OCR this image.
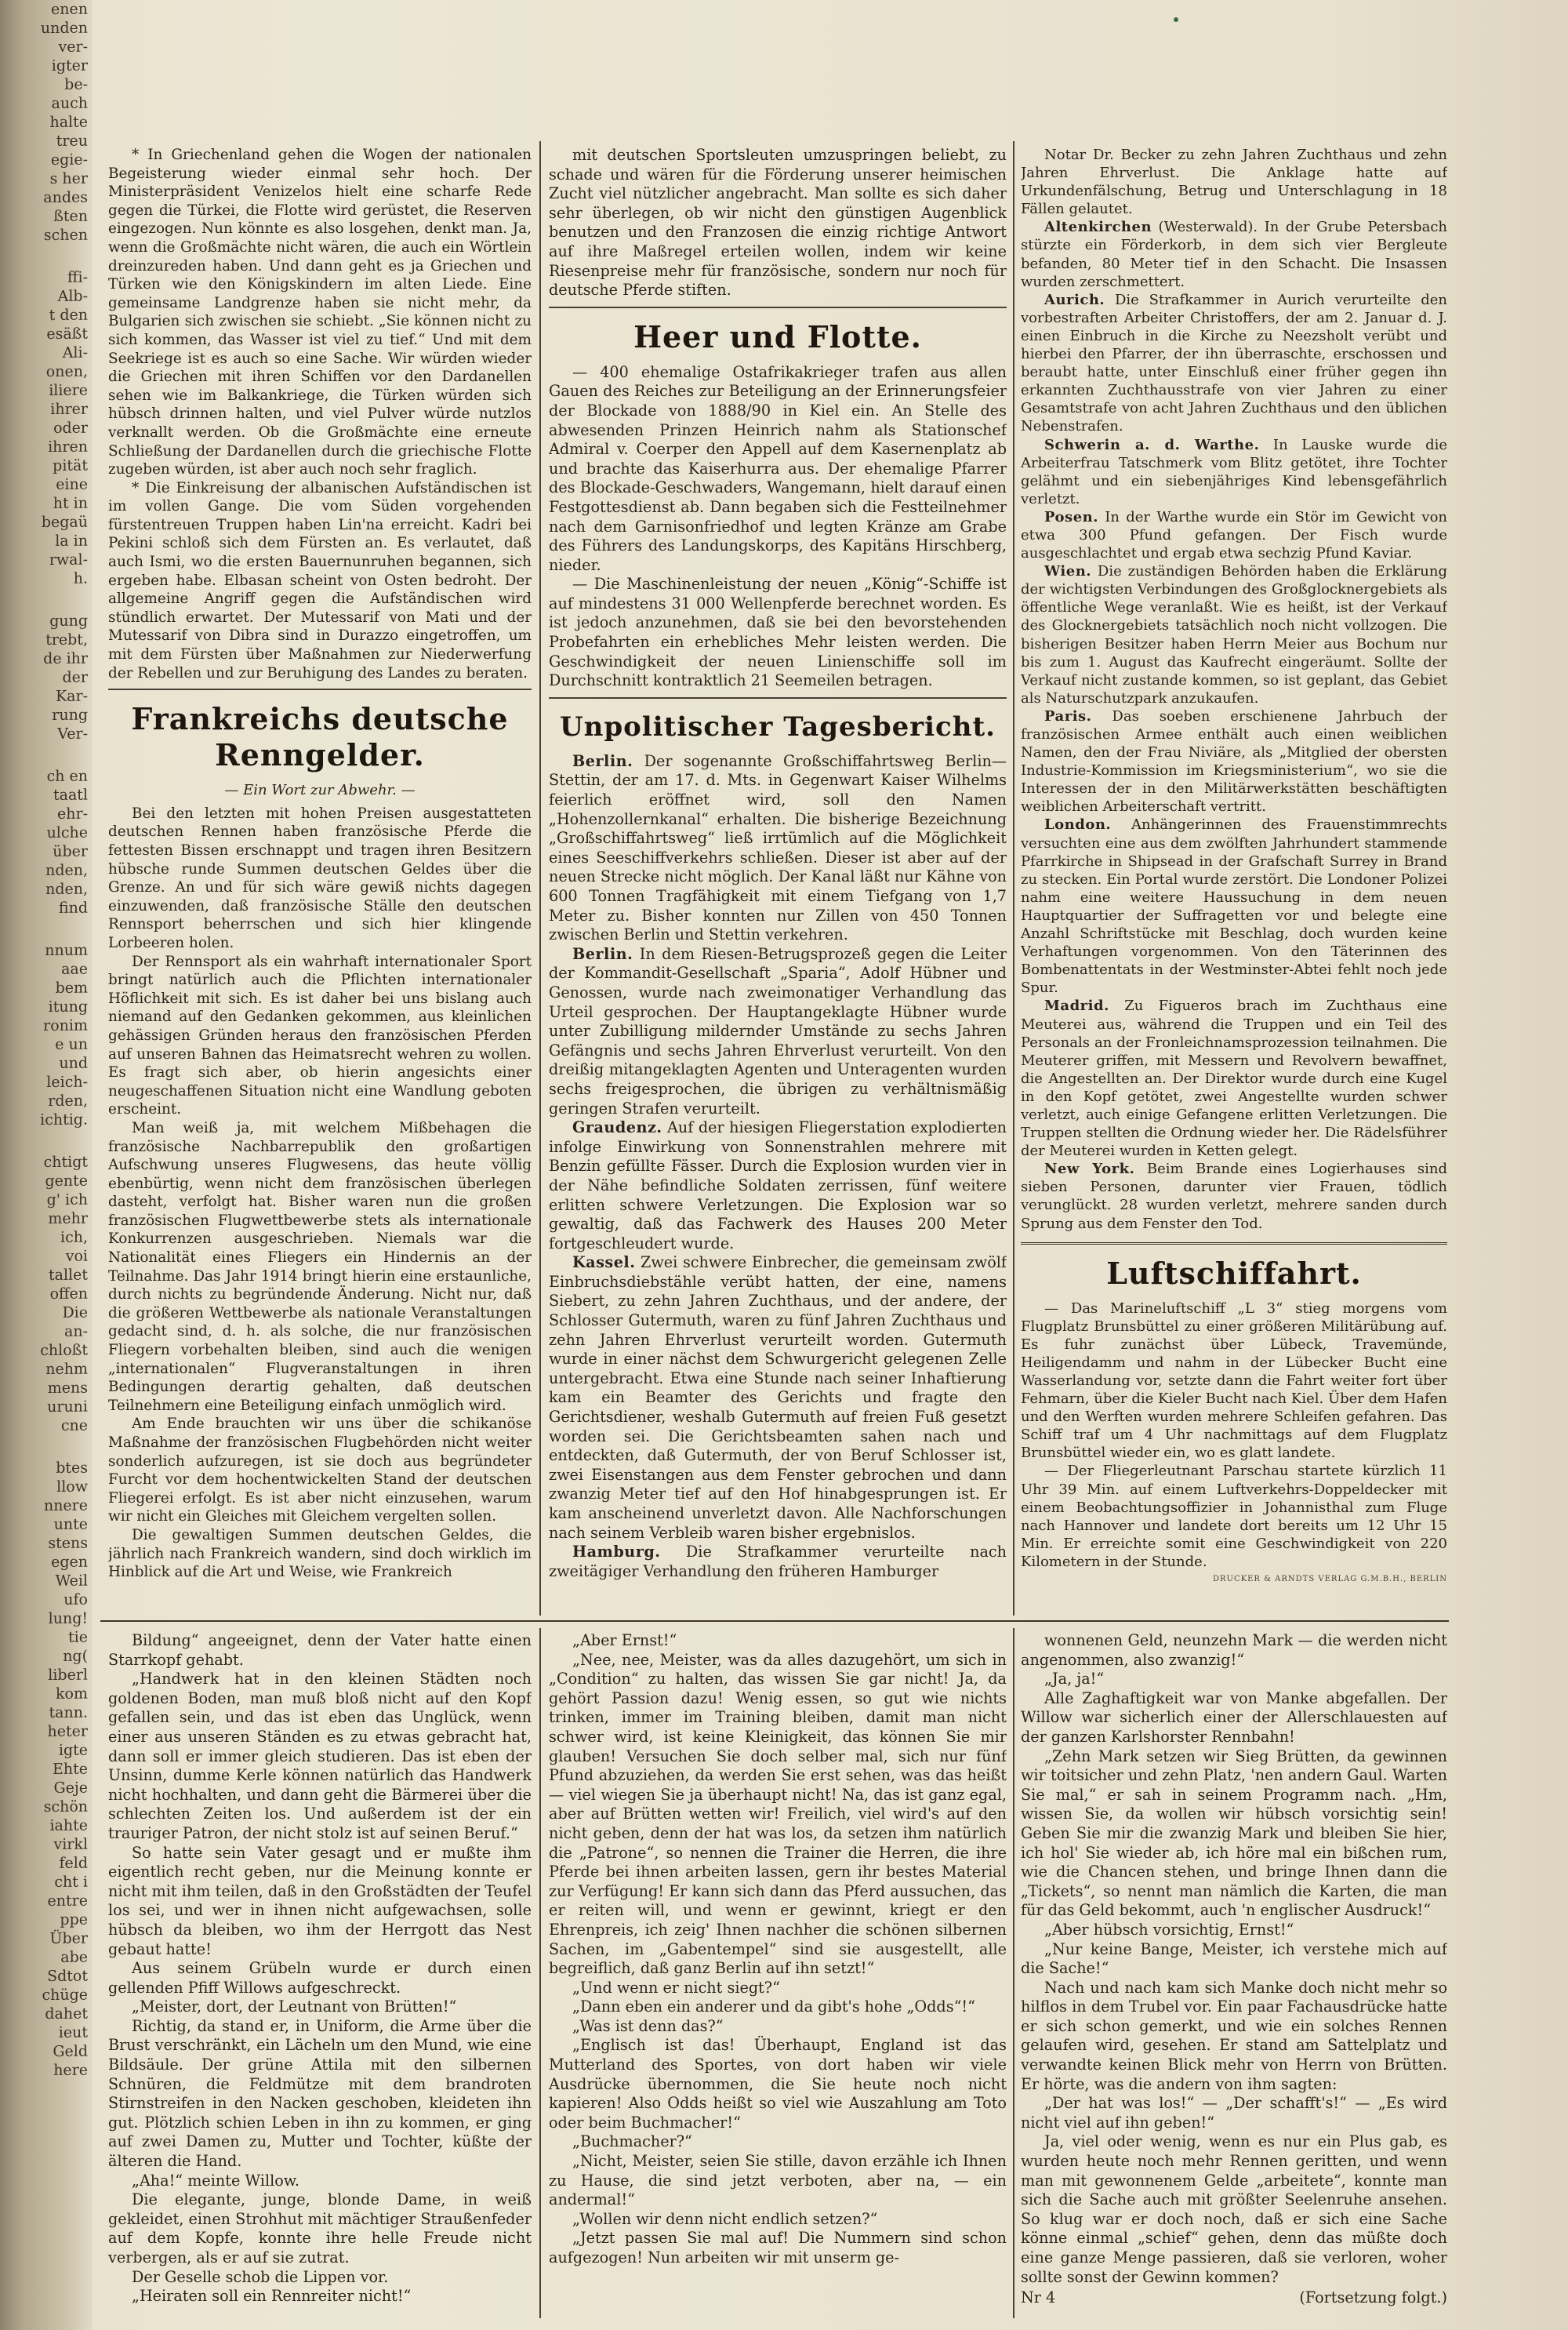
enen

unden

ver-

igter

be-

auch

halte

treu

egie-

s her

andes

ßten

schen

ffi-

Alb-

t den

esäßt

Ali-

onen,

iliere

ihrer

oder

ihren

pität

eine

ht in

begaü

la in

rwal-

h.

gung

trebt,

de ihr

der

Kar-

rung

Ver-

ch en

taatl

ehr-

ulche

über

nden,

nden,

find

nnum

aae

bem

itung

ronim

e un

und

leich-

rden,

ichtig.

chtigt

gente

g' ich

mehr

ich,

voi

tallet

offen

Die

an-

chloßt

nehm

mens

uruni

cne

btes

llow

nnere

unte

stens

egen

Weil

ufo

lung!

tie

ng(

liberl

kom

tann.

heter

igte

Ehte

Geje

schön

iahte

virkl

feld

cht i

entre

ppe

Über

abe

Sdtot

chüge

dahet

ieut

Geld

here

* In Griechenland gehen die Wogen der nationalen Begeisterung wieder einmal sehr hoch. Der Ministerpräsident Venizelos hielt eine scharfe Rede gegen die Türkei, die Flotte wird gerüstet, die Reserven eingezogen. Nun könnte es also losgehen, denkt man. Ja, wenn die Großmächte nicht wären, die auch ein Wörtlein dreinzureden haben. Und dann geht es ja Griechen und Türken wie den Königskindern im alten Liede. Eine gemeinsame Landgrenze haben sie nicht mehr, da Bulgarien sich zwischen sie schiebt. „Sie können nicht zu sich kommen, das Wasser ist viel zu tief.“ Und mit dem Seekriege ist es auch so eine Sache. Wir würden wieder die Griechen mit ihren Schiffen vor den Dardanellen sehen wie im Balkankriege, die Türken würden sich hübsch drinnen halten, und viel Pulver würde nutzlos verknallt werden. Ob die Großmächte eine erneute Schließung der Dardanellen durch die griechische Flotte zugeben würden, ist aber auch noch sehr fraglich.

* Die Einkreisung der albanischen Aufständischen ist im vollen Gange. Die vom Süden vorgehenden fürstentreuen Truppen haben Lin'na erreicht. Kadri bei Pekini schloß sich dem Fürsten an. Es verlautet, daß auch Ismi, wo die ersten Bauernunruhen begannen, sich ergeben habe. Elbasan scheint von Osten bedroht. Der allgemeine Angriff gegen die Aufständischen wird stündlich erwartet. Der Mutessarif von Mati und der Mutessarif von Dibra sind in Durazzo eingetroffen, um mit dem Fürsten über Maßnahmen zur Niederwerfung der Rebellen und zur Beruhigung des Landes zu beraten.

Frankreichs deutsche Renngelder.
— Ein Wort zur Abwehr. —

Bei den letzten mit hohen Preisen ausgestatteten deutschen Rennen haben französische Pferde die fettesten Bissen erschnappt und tragen ihren Besitzern hübsche runde Summen deutschen Geldes über die Grenze. An und für sich wäre gewiß nichts dagegen einzuwenden, daß französische Ställe den deutschen Rennsport beherrschen und sich hier klingende Lorbeeren holen.

Der Rennsport als ein wahrhaft internationaler Sport bringt natürlich auch die Pflichten internationaler Höflichkeit mit sich. Es ist daher bei uns bislang auch niemand auf den Gedanken gekommen, aus kleinlichen gehässigen Gründen heraus den französischen Pferden auf unseren Bahnen das Heimatsrecht wehren zu wollen. Es fragt sich aber, ob hierin angesichts einer neugeschaffenen Situation nicht eine Wandlung geboten erscheint.

Man weiß ja, mit welchem Mißbehagen die französische Nachbarrepublik den großartigen Aufschwung unseres Flugwesens, das heute völlig ebenbürtig, wenn nicht dem französischen überlegen dasteht, verfolgt hat. Bisher waren nun die großen französischen Flugwettbewerbe stets als internationale Konkurrenzen ausgeschrieben. Niemals war die Nationalität eines Fliegers ein Hindernis an der Teilnahme. Das Jahr 1914 bringt hierin eine erstaunliche, durch nichts zu begründende Änderung. Nicht nur, daß die größeren Wettbewerbe als nationale Veranstaltungen gedacht sind, d. h. als solche, die nur französischen Fliegern vorbehalten bleiben, sind auch die wenigen „internationalen“ Flugveranstaltungen in ihren Bedingungen derartig gehalten, daß deutschen Teilnehmern eine Beteiligung einfach unmöglich wird.

Am Ende brauchten wir uns über die schikanöse Maßnahme der französischen Flugbehörden nicht weiter sonderlich aufzuregen, ist sie doch aus begründeter Furcht vor dem hochentwickelten Stand der deutschen Fliegerei erfolgt. Es ist aber nicht einzusehen, warum wir nicht ein Gleiches mit Gleichem vergelten sollen.

Die gewaltigen Summen deutschen Geldes, die jährlich nach Frankreich wandern, sind doch wirklich im Hinblick auf die Art und Weise, wie Frankreich

mit deutschen Sportsleuten umzuspringen beliebt, zu schade und wären für die Förderung unserer heimischen Zucht viel nützlicher angebracht. Man sollte es sich daher sehr überlegen, ob wir nicht den günstigen Augenblick benutzen und den Franzosen die einzig richtige Antwort auf ihre Maßregel erteilen wollen, indem wir keine Riesenpreise mehr für französische, sondern nur noch für deutsche Pferde stiften.

Heer und Flotte.

— 400 ehemalige Ostafrikakrieger trafen aus allen Gauen des Reiches zur Beteiligung an der Erinnerungsfeier der Blockade von 1888/90 in Kiel ein. An Stelle des abwesenden Prinzen Heinrich nahm als Stationschef Admiral v. Coerper den Appell auf dem Kasernenplatz ab und brachte das Kaiserhurra aus. Der ehemalige Pfarrer des Blockade-Geschwaders, Wangemann, hielt darauf einen Festgottesdienst ab. Dann begaben sich die Festteilnehmer nach dem Garnisonfriedhof und legten Kränze am Grabe des Führers des Landungskorps, des Kapitäns Hirschberg, nieder.

— Die Maschinenleistung der neuen „König“-Schiffe ist auf mindestens 31 000 Wellenpferde berechnet worden. Es ist jedoch anzunehmen, daß sie bei den bevorstehenden Probefahrten ein erhebliches Mehr leisten werden. Die Geschwindigkeit der neuen Linienschiffe soll im Durchschnitt kontraktlich 21 Seemeilen betragen.

Unpolitischer Tagesbericht.

Berlin. Der sogenannte Großschiffahrtsweg Berlin—Stettin, der am 17. d. Mts. in Gegenwart Kaiser Wilhelms feierlich eröffnet wird, soll den Namen „Hohenzollernkanal“ erhalten. Die bisherige Bezeichnung „Großschiffahrtsweg“ ließ irrtümlich auf die Möglichkeit eines Seeschiffverkehrs schließen. Dieser ist aber auf der neuen Strecke nicht möglich. Der Kanal läßt nur Kähne von 600 Tonnen Tragfähigkeit mit einem Tiefgang von 1,7 Meter zu. Bisher konnten nur Zillen von 450 Tonnen zwischen Berlin und Stettin verkehren.

Berlin. In dem Riesen-Betrugsprozeß gegen die Leiter der Kommandit-Gesellschaft „Sparia“, Adolf Hübner und Genossen, wurde nach zweimonatiger Verhandlung das Urteil gesprochen. Der Hauptangeklagte Hübner wurde unter Zubilligung mildernder Umstände zu sechs Jahren Gefängnis und sechs Jahren Ehrverlust verurteilt. Von den dreißig mitangeklagten Agenten und Unteragenten wurden sechs freigesprochen, die übrigen zu verhältnismäßig geringen Strafen verurteilt.

Graudenz. Auf der hiesigen Fliegerstation explodierten infolge Einwirkung von Sonnenstrahlen mehrere mit Benzin gefüllte Fässer. Durch die Explosion wurden vier in der Nähe befindliche Soldaten zerrissen, fünf weitere erlitten schwere Verletzungen. Die Explosion war so gewaltig, daß das Fachwerk des Hauses 200 Meter fortgeschleudert wurde.

Kassel. Zwei schwere Einbrecher, die gemeinsam zwölf Einbruchsdiebstähle verübt hatten, der eine, namens Siebert, zu zehn Jahren Zuchthaus, und der andere, der Schlosser Gutermuth, waren zu fünf Jahren Zuchthaus und zehn Jahren Ehrverlust verurteilt worden. Gutermuth wurde in einer nächst dem Schwurgericht gelegenen Zelle untergebracht. Etwa eine Stunde nach seiner Inhaftierung kam ein Beamter des Gerichts und fragte den Gerichtsdiener, weshalb Gutermuth auf freien Fuß gesetzt worden sei. Die Gerichtsbeamten sahen nach und entdeckten, daß Gutermuth, der von Beruf Schlosser ist, zwei Eisenstangen aus dem Fenster gebrochen und dann zwanzig Meter tief auf den Hof hinabgesprungen ist. Er kam anscheinend unverletzt davon. Alle Nachforschungen nach seinem Verbleib waren bisher ergebnislos.

Hamburg. Die Strafkammer verurteilte nach zweitägiger Verhandlung den früheren Hamburger

Notar Dr. Becker zu zehn Jahren Zuchthaus und zehn Jahren Ehrverlust. Die Anklage hatte auf Urkundenfälschung, Betrug und Unterschlagung in 18 Fällen gelautet.

Altenkirchen (Westerwald). In der Grube Petersbach stürzte ein Förderkorb, in dem sich vier Bergleute befanden, 80 Meter tief in den Schacht. Die Insassen wurden zerschmettert.

Aurich. Die Strafkammer in Aurich verurteilte den vorbestraften Arbeiter Christoffers, der am 2. Januar d. J. einen Einbruch in die Kirche zu Neezsholt verübt und hierbei den Pfarrer, der ihn überraschte, erschossen und beraubt hatte, unter Einschluß einer früher gegen ihn erkannten Zuchthausstrafe von vier Jahren zu einer Gesamtstrafe von acht Jahren Zuchthaus und den üblichen Nebenstrafen.

Schwerin a. d. Warthe. In Lauske wurde die Arbeiterfrau Tatschmerk vom Blitz getötet, ihre Tochter gelähmt und ein siebenjähriges Kind lebensgefährlich verletzt.

Posen. In der Warthe wurde ein Stör im Gewicht von etwa 300 Pfund gefangen. Der Fisch wurde ausgeschlachtet und ergab etwa sechzig Pfund Kaviar.

Wien. Die zuständigen Behörden haben die Erklärung der wichtigsten Verbindungen des Großglocknergebiets als öffentliche Wege veranlaßt. Wie es heißt, ist der Verkauf des Glocknergebiets tatsächlich noch nicht vollzogen. Die bisherigen Besitzer haben Herrn Meier aus Bochum nur bis zum 1. August das Kaufrecht eingeräumt. Sollte der Verkauf nicht zustande kommen, so ist geplant, das Gebiet als Naturschutzpark anzukaufen.

Paris. Das soeben erschienene Jahrbuch der französischen Armee enthält auch einen weiblichen Namen, den der Frau Niviäre, als „Mitglied der obersten Industrie-Kommission im Kriegsministerium“, wo sie die Interessen der in den Militärwerkstätten beschäftigten weiblichen Arbeiterschaft vertritt.

London. Anhängerinnen des Frauenstimmrechts versuchten eine aus dem zwölften Jahrhundert stammende Pfarrkirche in Shipsead in der Grafschaft Surrey in Brand zu stecken. Ein Portal wurde zerstört. Die Londoner Polizei nahm eine weitere Haussuchung in dem neuen Hauptquartier der Suffragetten vor und belegte eine Anzahl Schriftstücke mit Beschlag, doch wurden keine Verhaftungen vorgenommen. Von den Täterinnen des Bombenattentats in der Westminster-Abtei fehlt noch jede Spur.

Madrid. Zu Figueros brach im Zuchthaus eine Meuterei aus, während die Truppen und ein Teil des Personals an der Fronleichnamsprozession teilnahmen. Die Meuterer griffen, mit Messern und Revolvern bewaffnet, die Angestellten an. Der Direktor wurde durch eine Kugel in den Kopf getötet, zwei Angestellte wurden schwer verletzt, auch einige Gefangene erlitten Verletzungen. Die Truppen stellten die Ordnung wieder her. Die Rädelsführer der Meuterei wurden in Ketten gelegt.

New York. Beim Brande eines Logierhauses sind sieben Personen, darunter vier Frauen, tödlich verunglückt. 28 wurden verletzt, mehrere sanden durch Sprung aus dem Fenster den Tod.

Luftschiffahrt.

— Das Marineluftschiff „L 3“ stieg morgens vom Flugplatz Brunsbüttel zu einer größeren Militärübung auf. Es fuhr zunächst über Lübeck, Travemünde, Heiligendamm und nahm in der Lübecker Bucht eine Wasserlandung vor, setzte dann die Fahrt weiter fort über Fehmarn, über die Kieler Bucht nach Kiel. Über dem Hafen und den Werften wurden mehrere Schleifen gefahren. Das Schiff traf um 4 Uhr nachmittags auf dem Flugplatz Brunsbüttel wieder ein, wo es glatt landete.

— Der Fliegerleutnant Parschau startete kürzlich 11 Uhr 39 Min. auf einem Luftverkehrs-Doppeldecker mit einem Beobachtungsoffizier in Johannisthal zum Fluge nach Hannover und landete dort bereits um 12 Uhr 15 Min. Er erreichte somit eine Geschwindigkeit von 220 Kilometern in der Stunde.

DRUCKER & ARNDTS VERLAG G.M.B.H., BERLIN

Bildung“ angeeignet, denn der Vater hatte einen Starrkopf gehabt.

„Handwerk hat in den kleinen Städten noch goldenen Boden, man muß bloß nicht auf den Kopf gefallen sein, und das ist eben das Unglück, wenn einer aus unseren Ständen es zu etwas gebracht hat, dann soll er immer gleich studieren. Das ist eben der Unsinn, dumme Kerle können natürlich das Handwerk nicht hochhalten, und dann geht die Bärmerei über die schlechten Zeiten los. Und außerdem ist der ein trauriger Patron, der nicht stolz ist auf seinen Beruf.“

So hatte sein Vater gesagt und er mußte ihm eigentlich recht geben, nur die Meinung konnte er nicht mit ihm teilen, daß in den Großstädten der Teufel los sei, und wer in ihnen nicht aufgewachsen, solle hübsch da bleiben, wo ihm der Herrgott das Nest gebaut hatte!

Aus seinem Grübeln wurde er durch einen gellenden Pfiff Willows aufgeschreckt.

„Meister, dort, der Leutnant von Brütten!“

Richtig, da stand er, in Uniform, die Arme über die Brust verschränkt, ein Lächeln um den Mund, wie eine Bildsäule. Der grüne Attila mit den silbernen Schnüren, die Feldmütze mit dem brandroten Stirnstreifen in den Nacken geschoben, kleideten ihn gut. Plötzlich schien Leben in ihn zu kommen, er ging auf zwei Damen zu, Mutter und Tochter, küßte der älteren die Hand.

„Aha!“ meinte Willow.

Die elegante, junge, blonde Dame, in weiß gekleidet, einen Strohhut mit mächtiger Straußenfeder auf dem Kopfe, konnte ihre helle Freude nicht verbergen, als er auf sie zutrat.

Der Geselle schob die Lippen vor.

„Heiraten soll ein Rennreiter nicht!“

„Aber Ernst!“

„Nee, nee, Meister, was da alles dazugehört, um sich in „Condition“ zu halten, das wissen Sie gar nicht! Ja, da gehört Passion dazu! Wenig essen, so gut wie nichts trinken, immer im Training bleiben, damit man nicht schwer wird, ist keine Kleinigkeit, das können Sie mir glauben! Versuchen Sie doch selber mal, sich nur fünf Pfund abzuziehen, da werden Sie erst sehen, was das heißt — viel wiegen Sie ja überhaupt nicht! Na, das ist ganz egal, aber auf Brütten wetten wir! Freilich, viel wird's auf den nicht geben, denn der hat was los, da setzen ihm natürlich die „Patrone“, so nennen die Trainer die Herren, die ihre Pferde bei ihnen arbeiten lassen, gern ihr bestes Material zur Verfügung! Er kann sich dann das Pferd aussuchen, das er reiten will, und wenn er gewinnt, kriegt er den Ehrenpreis, ich zeig' Ihnen nachher die schönen silbernen Sachen, im „Gabentempel“ sind sie ausgestellt, alle begreiflich, daß ganz Berlin auf ihn setzt!“

„Und wenn er nicht siegt?“

„Dann eben ein anderer und da gibt's hohe „Odds“!“

„Was ist denn das?“

„Englisch ist das! Überhaupt, England ist das Mutterland des Sportes, von dort haben wir viele Ausdrücke übernommen, die Sie heute noch nicht kapieren! Also Odds heißt so viel wie Auszahlung am Toto oder beim Buchmacher!“

„Buchmacher?“

„Nicht, Meister, seien Sie stille, davon erzähle ich Ihnen zu Hause, die sind jetzt verboten, aber na, — ein andermal!“

„Wollen wir denn nicht endlich setzen?“

„Jetzt passen Sie mal auf! Die Nummern sind schon aufgezogen! Nun arbeiten wir mit unserm ge-

wonnenen Geld, neunzehn Mark — die werden nicht angenommen, also zwanzig!“

„Ja, ja!“

Alle Zaghaftigkeit war von Manke abgefallen. Der Willow war sicherlich einer der Allerschlauesten auf der ganzen Karlshorster Rennbahn!

„Zehn Mark setzen wir Sieg Brütten, da gewinnen wir toitsicher und zehn Platz, 'nen andern Gaul. Warten Sie mal,“ er sah in seinem Programm nach. „Hm, wissen Sie, da wollen wir hübsch vorsichtig sein! Geben Sie mir die zwanzig Mark und bleiben Sie hier, ich hol' Sie wieder ab, ich höre mal ein bißchen rum, wie die Chancen stehen, und bringe Ihnen dann die „Tickets“, so nennt man nämlich die Karten, die man für das Geld bekommt, auch 'n englischer Ausdruck!“

„Aber hübsch vorsichtig, Ernst!“

„Nur keine Bange, Meister, ich verstehe mich auf die Sache!“

Nach und nach kam sich Manke doch nicht mehr so hilflos in dem Trubel vor. Ein paar Fachausdrücke hatte er sich schon gemerkt, und wie ein solches Rennen gelaufen wird, gesehen. Er stand am Sattelplatz und verwandte keinen Blick mehr von Herrn von Brütten. Er hörte, was die andern von ihm sagten:

„Der hat was los!“ — „Der schafft's!“ — „Es wird nicht viel auf ihn geben!“

Ja, viel oder wenig, wenn es nur ein Plus gab, es wurden heute noch mehr Rennen geritten, und wenn man mit gewonnenem Gelde „arbeitete“, konnte man sich die Sache auch mit größter Seelenruhe ansehen. So klug war er doch noch, daß er sich eine Sache könne einmal „schief“ gehen, denn das müßte doch eine ganze Menge passieren, daß sie verloren, woher sollte sonst der Gewinn kommen?

Nr 4	(Fortsetzung folgt.)
